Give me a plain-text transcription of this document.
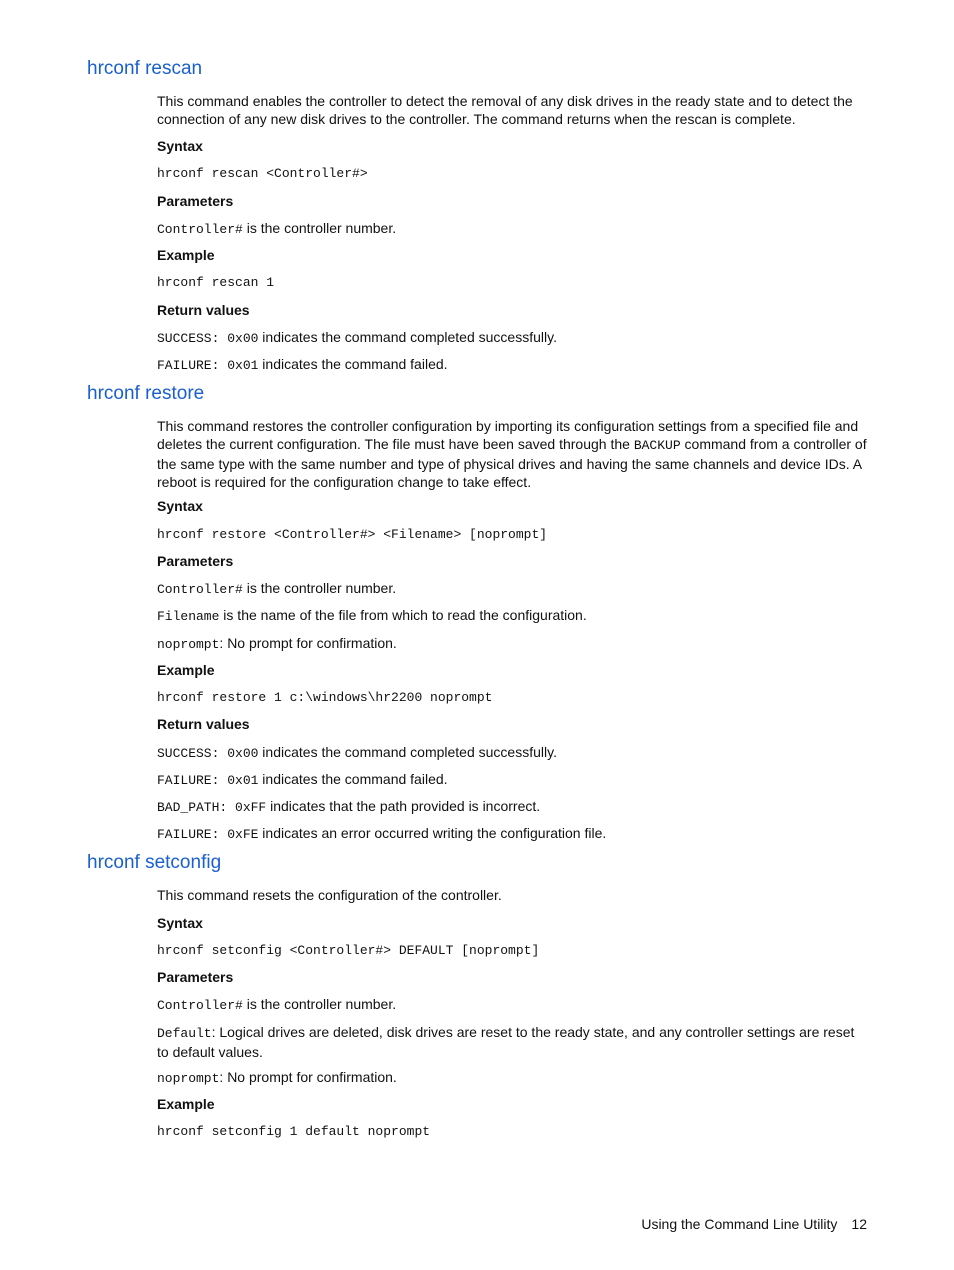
hrconf rescan
This command enables the controller to detect the removal of any disk drives in the ready state and to detect the connection of any new disk drives to the controller. The command returns when the rescan is complete.
Syntax
hrconf rescan <Controller#>
Parameters
Controller# is the controller number.
Example
hrconf rescan 1
Return values
SUCCESS: 0x00 indicates the command completed successfully.
FAILURE: 0x01 indicates the command failed.
hrconf restore
This command restores the controller configuration by importing its configuration settings from a specified file and deletes the current configuration. The file must have been saved through the BACKUP command from a controller of the same type with the same number and type of physical drives and having the same channels and device IDs. A reboot is required for the configuration change to take effect.
Syntax
hrconf restore <Controller#> <Filename> [noprompt]
Parameters
Controller# is the controller number.
Filename is the name of the file from which to read the configuration.
noprompt: No prompt for confirmation.
Example
hrconf restore 1 c:\windows\hr2200 noprompt
Return values
SUCCESS: 0x00 indicates the command completed successfully.
FAILURE: 0x01 indicates the command failed.
BAD_PATH: 0xFF indicates that the path provided is incorrect.
FAILURE: 0xFE indicates an error occurred writing the configuration file.
hrconf setconfig
This command resets the configuration of the controller.
Syntax
hrconf setconfig <Controller#> DEFAULT [noprompt]
Parameters
Controller# is the controller number.
Default: Logical drives are deleted, disk drives are reset to the ready state, and any controller settings are reset to default values.
noprompt: No prompt for confirmation.
Example
hrconf setconfig 1 default noprompt
Using the Command Line Utility 12
